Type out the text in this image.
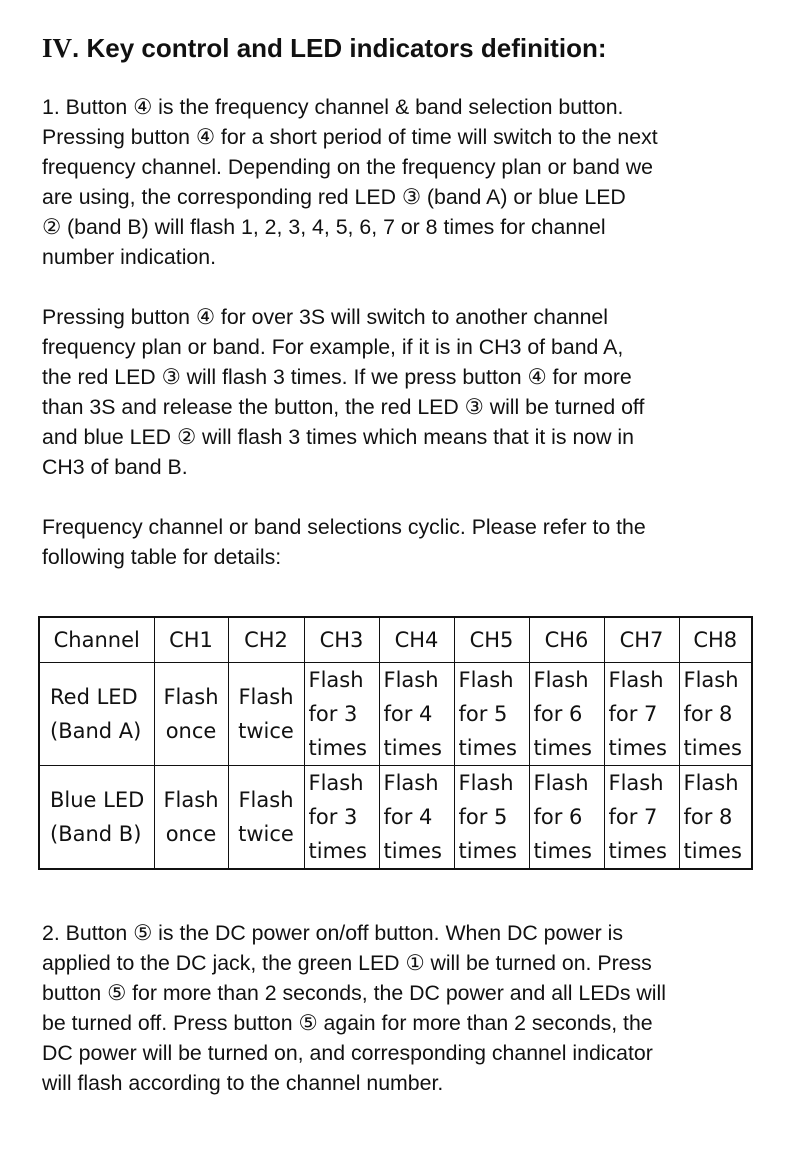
IV. Key control and LED indicators definition:

1. Button ④ is the frequency channel & band selection button.
Pressing button ④ for a short period of time will switch to the next
frequency channel. Depending on the frequency plan or band we
are using, the corresponding red LED ③ (band A) or blue LED
② (band B) will flash 1, 2, 3, 4, 5, 6, 7 or 8 times for channel
number indication.

Pressing button ④ for over 3S will switch to another channel
frequency plan or band. For example, if it is in CH3 of band A,
the red LED ③ will flash 3 times. If we press button ④ for more
than 3S and release the button, the red LED ③ will be turned off
and blue LED ② will flash 3 times which means that it is now in
CH3 of band B.

Frequency channel or band selections cyclic. Please refer to the
following table for details:

Channel	CH1	CH2	CH3	CH4	CH5	CH6	CH7	CH8

Red LED
(Band A)	Flash
once	Flash
twice	Flash
for 3
times	Flash
for 4
times	Flash
for 5
times	Flash
for 6
times	Flash
for 7
times	Flash
for 8
times

Blue LED
(Band B)	Flash
once	Flash
twice	Flash
for 3
times	Flash
for 4
times	Flash
for 5
times	Flash
for 6
times	Flash
for 7
times	Flash
for 8
times

2. Button ⑤ is the DC power on/off button. When DC power is
applied to the DC jack, the green LED ① will be turned on. Press
button ⑤ for more than 2 seconds, the DC power and all LEDs will
be turned off. Press button ⑤ again for more than 2 seconds, the
DC power will be turned on, and corresponding channel indicator
will flash according to the channel number.
